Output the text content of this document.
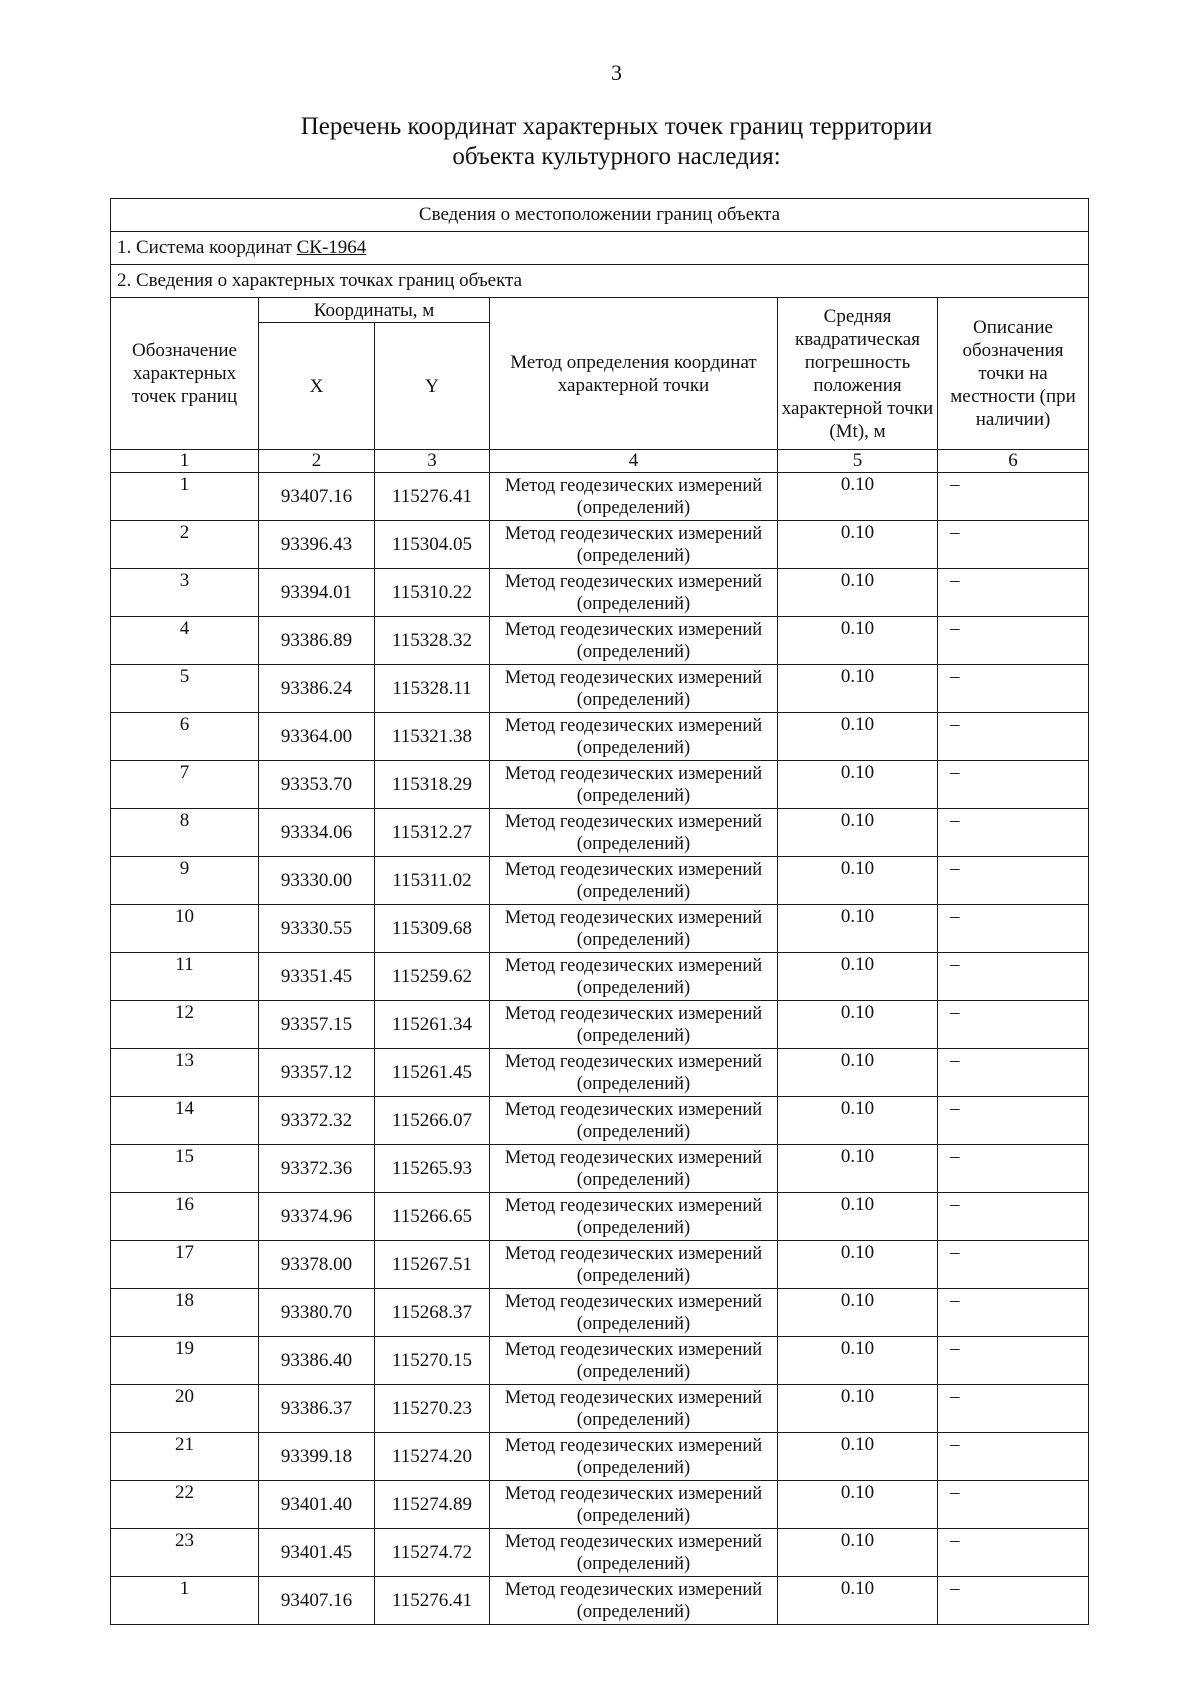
3
Перечень координат характерных точек границ территории
объекта культурного наследия:
Сведения о местоположении границ объекта					
1. Система координат СК-1964					
2. Сведения о характерных точках границ объекта					
Обозначение характерных точек границ	Координаты, м		Метод определения координат характерной точки	Средняя квадратическая погрешность положения характерной точки (Mt), м	Описание обозначения точки на местности (при наличии)
	X	Y			
1	2	3	4	5	6
1	93407.16	115276.41	Метод геодезических измерений (определений)	0.10	–
2	93396.43	115304.05	Метод геодезических измерений (определений)	0.10	–
3	93394.01	115310.22	Метод геодезических измерений (определений)	0.10	–
4	93386.89	115328.32	Метод геодезических измерений (определений)	0.10	–
5	93386.24	115328.11	Метод геодезических измерений (определений)	0.10	–
6	93364.00	115321.38	Метод геодезических измерений (определений)	0.10	–
7	93353.70	115318.29	Метод геодезических измерений (определений)	0.10	–
8	93334.06	115312.27	Метод геодезических измерений (определений)	0.10	–
9	93330.00	115311.02	Метод геодезических измерений (определений)	0.10	–
10	93330.55	115309.68	Метод геодезических измерений (определений)	0.10	–
11	93351.45	115259.62	Метод геодезических измерений (определений)	0.10	–
12	93357.15	115261.34	Метод геодезических измерений (определений)	0.10	–
13	93357.12	115261.45	Метод геодезических измерений (определений)	0.10	–
14	93372.32	115266.07	Метод геодезических измерений (определений)	0.10	–
15	93372.36	115265.93	Метод геодезических измерений (определений)	0.10	–
16	93374.96	115266.65	Метод геодезических измерений (определений)	0.10	–
17	93378.00	115267.51	Метод геодезических измерений (определений)	0.10	–
18	93380.70	115268.37	Метод геодезических измерений (определений)	0.10	–
19	93386.40	115270.15	Метод геодезических измерений (определений)	0.10	–
20	93386.37	115270.23	Метод геодезических измерений (определений)	0.10	–
21	93399.18	115274.20	Метод геодезических измерений (определений)	0.10	–
22	93401.40	115274.89	Метод геодезических измерений (определений)	0.10	–
23	93401.45	115274.72	Метод геодезических измерений (определений)	0.10	–
1	93407.16	115276.41	Метод геодезических измерений (определений)	0.10	–
